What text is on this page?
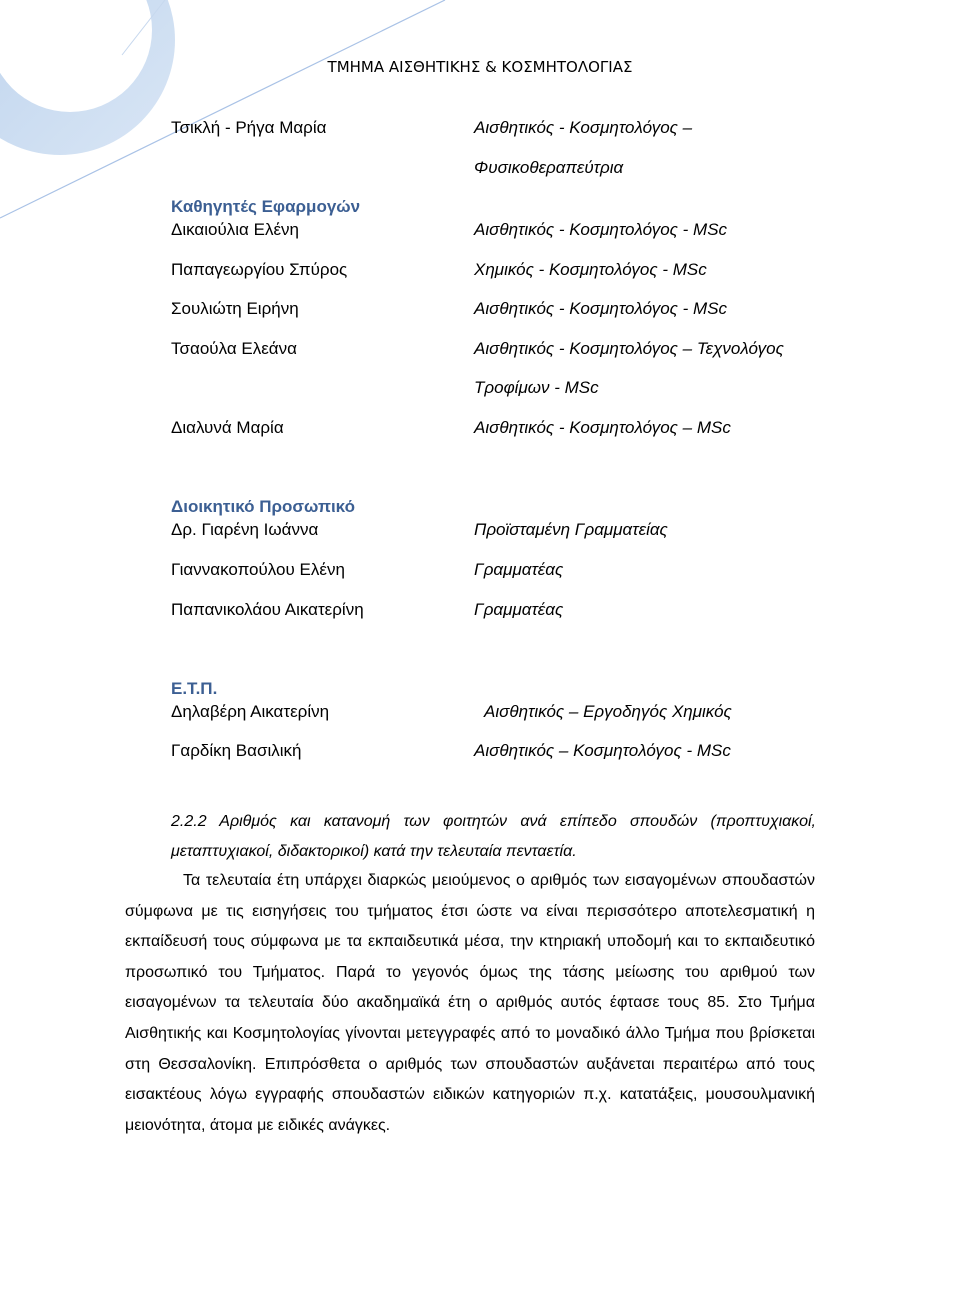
ΤΜΗΜΑ ΑΙΣΘΗΤΙΚΗΣ & ΚΟΣΜΗΤΟΛΟΓΙΑΣ
Τσικλή - Ρήγα Μαρία	Αισθητικός - Κοσμητολόγος –
Φυσικοθεραπεύτρια
Καθηγητές Εφαρμογών
Δικαιούλια Ελένη	Αισθητικός - Κοσμητολόγος - MSc
Παπαγεωργίου Σπύρος	Χημικός - Κοσμητολόγος - MSc
Σουλιώτη Ειρήνη	Αισθητικός - Κοσμητολόγος - MSc
Τσαούλα Ελεάνα	Αισθητικός - Κοσμητολόγος – Τεχνολόγος
Τροφίμων - MSc
Διαλυνά Μαρία	Αισθητικός - Κοσμητολόγος – MSc
Διοικητικό Προσωπικό
Δρ. Γιαρένη Ιωάννα	Προϊσταμένη Γραμματείας
Γιαννακοπούλου Ελένη	Γραμματέας
Παπανικολάου Αικατερίνη	Γραμματέας
Ε.Τ.Π.
Δηλαβέρη Αικατερίνη	Αισθητικός – Εργοδηγός Χημικός
Γαρδίκη Βασιλική	Αισθητικός – Κοσμητολόγος - MSc
2.2.2 Αριθμός και κατανομή των φοιτητών ανά επίπεδο σπουδών (προπτυχιακοί, μεταπτυχιακοί, διδακτορικοί) κατά την τελευταία πενταετία.
Τα τελευταία έτη υπάρχει διαρκώς μειούμενος ο αριθμός των εισαγομένων σπουδαστών σύμφωνα με τις εισηγήσεις του τμήματος έτσι ώστε να είναι περισσότερο αποτελεσματική η εκπαίδευσή τους σύμφωνα με τα εκπαιδευτικά μέσα, την κτηριακή υποδομή και το εκπαιδευτικό προσωπικό του Τμήματος. Παρά το γεγονός όμως της τάσης μείωσης του αριθμού των εισαγομένων τα τελευταία δύο ακαδημαϊκά έτη ο αριθμός αυτός έφτασε τους 85. Στο Τμήμα Αισθητικής και Κοσμητολογίας γίνονται μετεγγραφές από το μοναδικό άλλο Τμήμα που βρίσκεται στη Θεσσαλονίκη. Επιπρόσθετα ο αριθμός των σπουδαστών αυξάνεται περαιτέρω από τους εισακτέους λόγω εγγραφής σπουδαστών ειδικών κατηγοριών π.χ. κατατάξεις, μουσουλμανική μειονότητα, άτομα με ειδικές ανάγκες.
